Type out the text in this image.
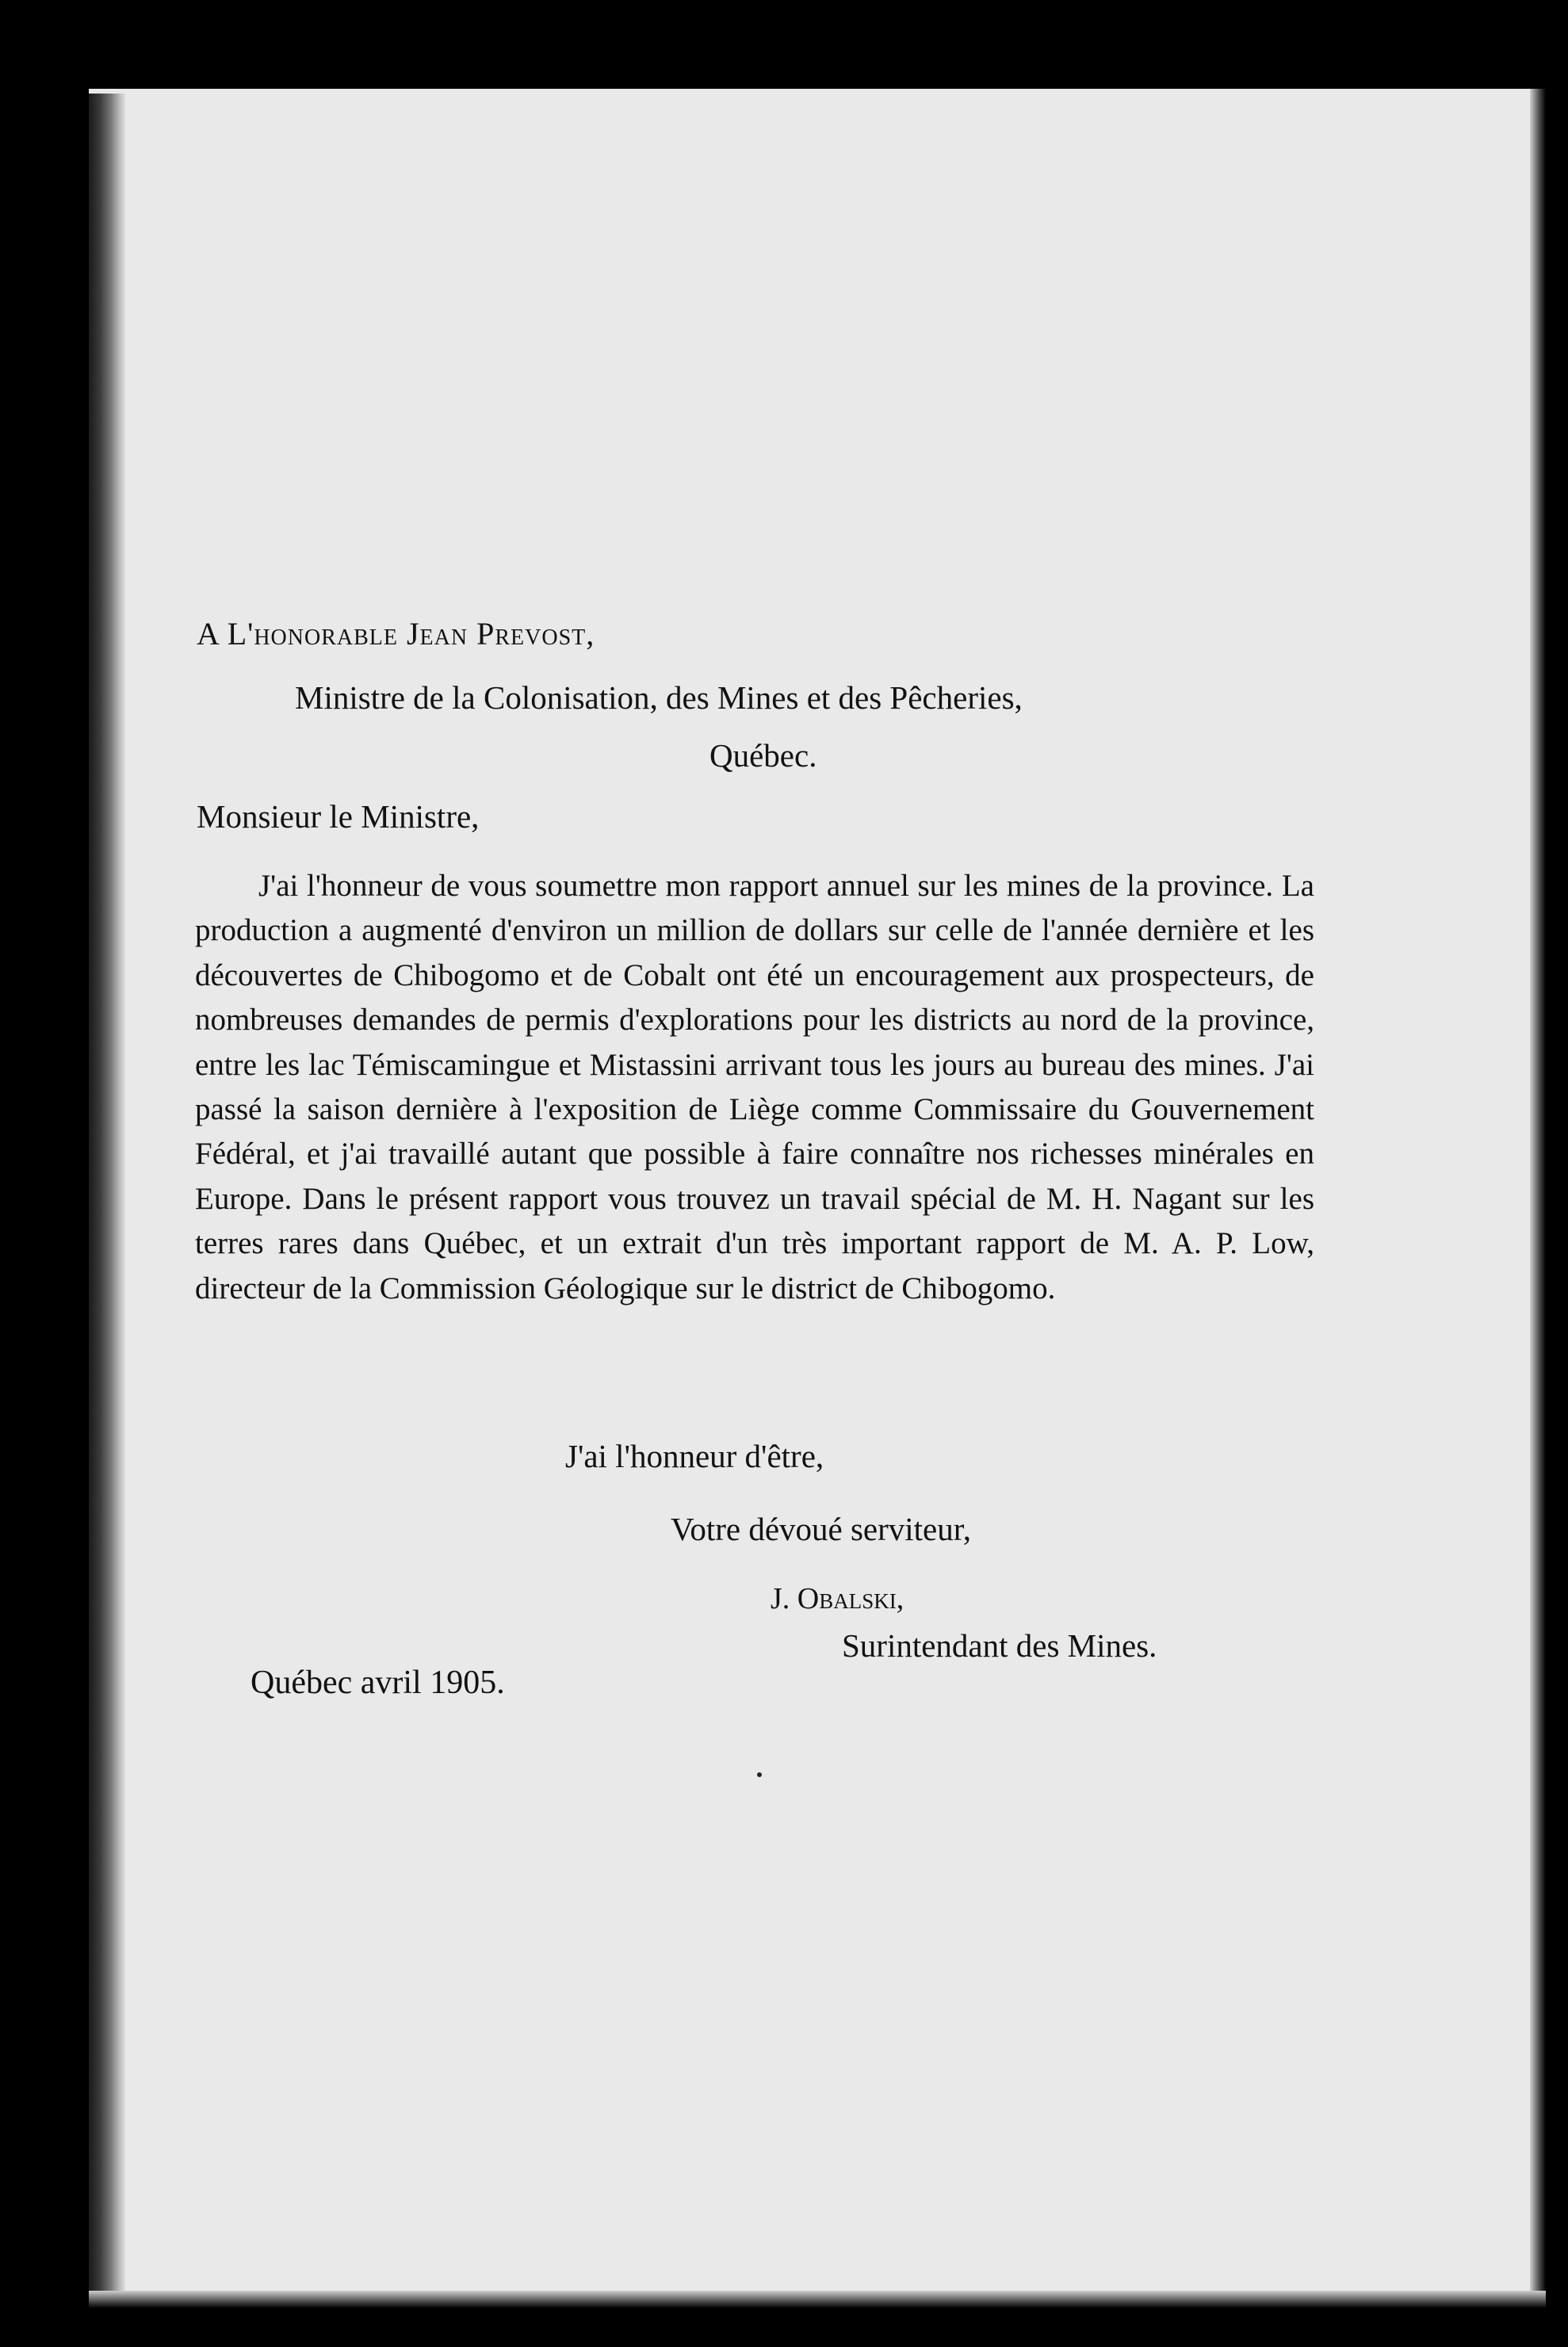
A L'honorable Jean Prevost,
Ministre de la Colonisation, des Mines et des Pêcheries,
Québec.
Monsieur le Ministre,

J'ai l'honneur de vous soumettre mon rapport annuel sur les mines de la province. La production a augmenté d'environ un million de dollars sur celle de l'année dernière et les découvertes de Chibogomo et de Cobalt ont été un encouragement aux prospecteurs, de nombreuses demandes de permis d'explorations pour les districts au nord de la province, entre les lac Témiscamingue et Mistassini arrivant tous les jours au bureau des mines. J'ai passé la saison dernière à l'exposition de Liège comme Commissaire du Gouvernement Fédéral, et j'ai travaillé autant que possible à faire connaître nos richesses minérales en Europe. Dans le présent rapport vous trouvez un travail spécial de M. H. Nagant sur les terres rares dans Québec, et un extrait d'un très important rapport de M. A. P. Low, directeur de la Commission Géologique sur le district de Chibogomo.

J'ai l'honneur d'être,
Votre dévoué serviteur,
J. Obalski,
Surintendant des Mines.
Québec avril 1905.
